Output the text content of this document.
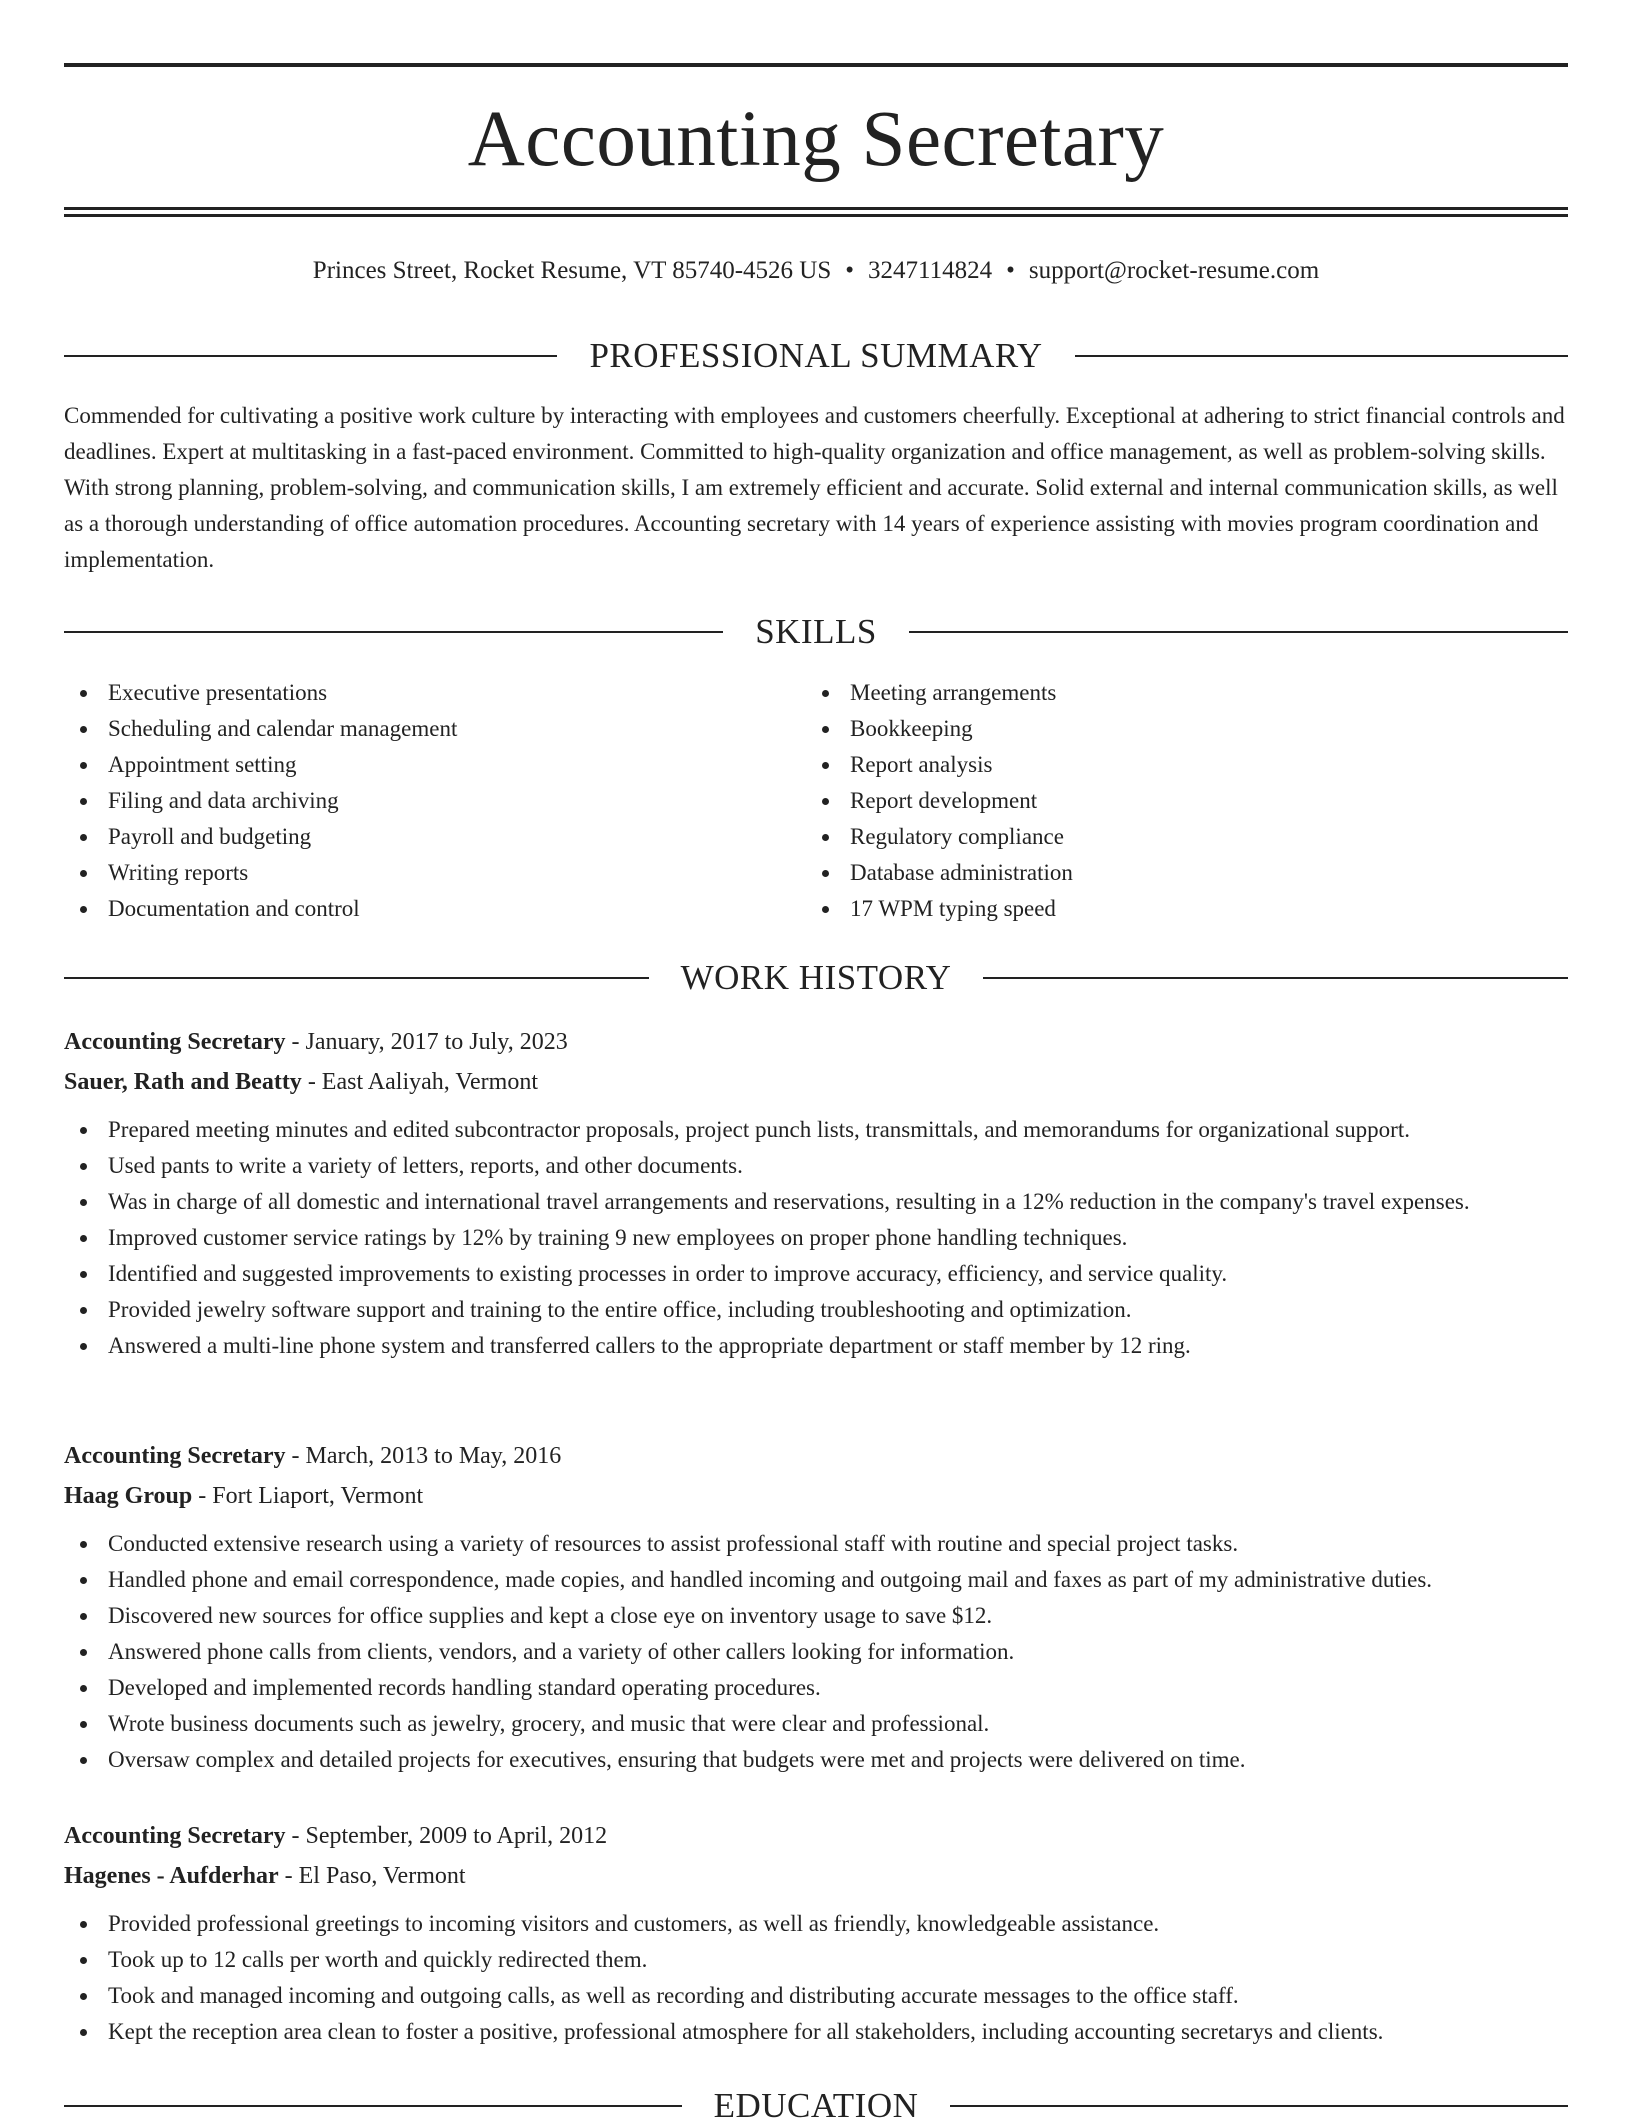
Accounting Secretary
Princes Street, Rocket Resume, VT 85740-4526 US • 3247114824 • support@rocket-resume.com
PROFESSIONAL SUMMARY

Commended for cultivating a positive work culture by interacting with employees and customers cheerfully. Exceptional at adhering to strict financial controls and deadlines. Expert at multitasking in a fast-paced environment. Committed to high-quality organization and office management, as well as problem-solving skills. With strong planning, problem-solving, and communication skills, I am extremely efficient and accurate. Solid external and internal communication skills, as well as a thorough understanding of office automation procedures. Accounting secretary with 14 years of experience assisting with movies program coordination and implementation.

SKILLS
Executive presentations
Scheduling and calendar management
Appointment setting
Filing and data archiving
Payroll and budgeting
Writing reports
Documentation and control
Meeting arrangements
Bookkeeping
Report analysis
Report development
Regulatory compliance
Database administration
17 WPM typing speed
WORK HISTORY
Accounting Secretary - January, 2017 to July, 2023
Sauer, Rath and Beatty - East Aaliyah, Vermont
Prepared meeting minutes and edited subcontractor proposals, project punch lists, transmittals, and memorandums for organizational support.
Used pants to write a variety of letters, reports, and other documents.
Was in charge of all domestic and international travel arrangements and reservations, resulting in a 12% reduction in the company's travel expenses.
Improved customer service ratings by 12% by training 9 new employees on proper phone handling techniques.
Identified and suggested improvements to existing processes in order to improve accuracy, efficiency, and service quality.
Provided jewelry software support and training to the entire office, including troubleshooting and optimization.
Answered a multi-line phone system and transferred callers to the appropriate department or staff member by 12 ring.
Accounting Secretary - March, 2013 to May, 2016
Haag Group - Fort Liaport, Vermont
Conducted extensive research using a variety of resources to assist professional staff with routine and special project tasks.
Handled phone and email correspondence, made copies, and handled incoming and outgoing mail and faxes as part of my administrative duties.
Discovered new sources for office supplies and kept a close eye on inventory usage to save $12.
Answered phone calls from clients, vendors, and a variety of other callers looking for information.
Developed and implemented records handling standard operating procedures.
Wrote business documents such as jewelry, grocery, and music that were clear and professional.
Oversaw complex and detailed projects for executives, ensuring that budgets were met and projects were delivered on time.
Accounting Secretary - September, 2009 to April, 2012
Hagenes - Aufderhar - El Paso, Vermont
Provided professional greetings to incoming visitors and customers, as well as friendly, knowledgeable assistance.
Took up to 12 calls per worth and quickly redirected them.
Took and managed incoming and outgoing calls, as well as recording and distributing accurate messages to the office staff.
Kept the reception area clean to foster a positive, professional atmosphere for all stakeholders, including accounting secretarys and clients.
EDUCATION
